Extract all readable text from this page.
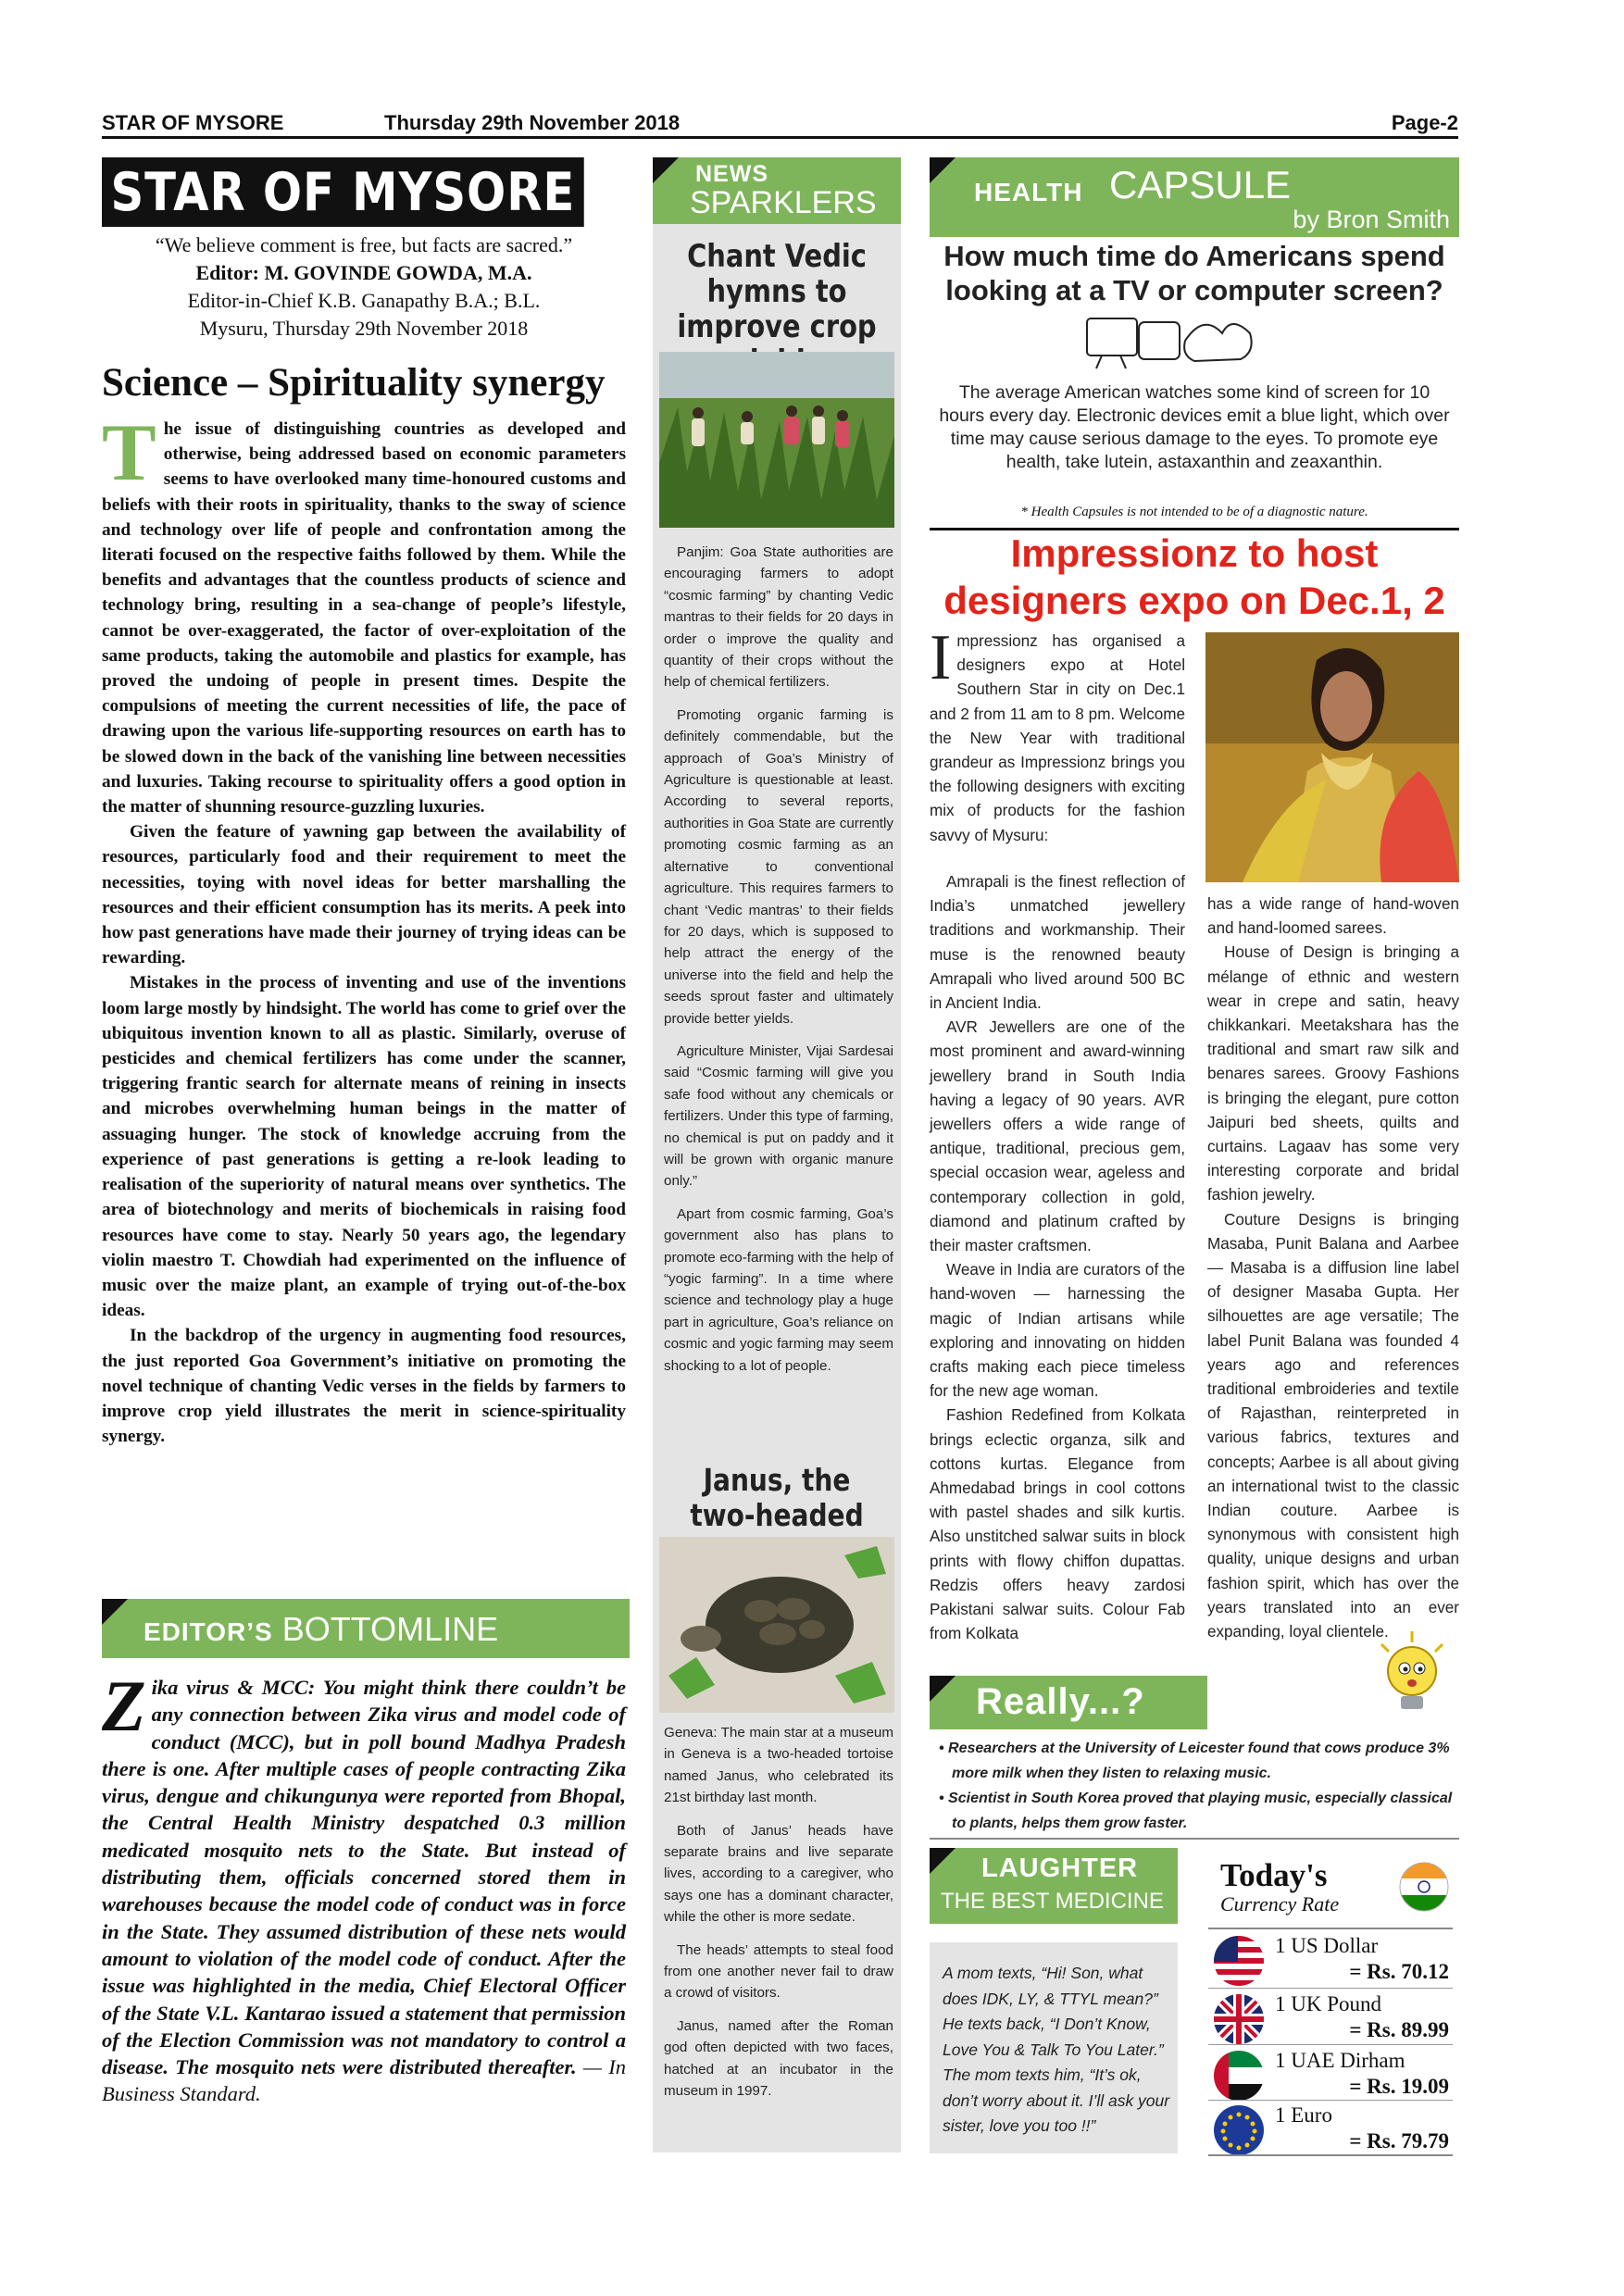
STAR OF MYSORE	Thursday 29th November 2018	Page-2
STAR OF MYSORE
“We believe comment is free, but facts are sacred.”
Editor: M. GOVINDE GOWDA, M.A.
Editor-in-Chief K.B. Ganapathy B.A.; B.L.
Mysuru, Thursday 29th November 2018
Science – Spirituality synergy

The issue of distinguishing countries as developed and otherwise, being addressed based on economic parameters seems to have overlooked many time-honoured customs and beliefs with their roots in spirituality, thanks to the sway of science and technology over life of people and confrontation among the literati focused on the respective faiths followed by them. While the benefits and advantages that the countless products of science and technology bring, resulting in a sea-change of people’s lifestyle, cannot be over-exaggerated, the factor of over-exploitation of the same products, taking the automobile and plastics for example, has proved the undoing of people in present times. Despite the compulsions of meeting the current necessities of life, the pace of drawing upon the various life-supporting resources on earth has to be slowed down in the back of the vanishing line between necessities and luxuries. Taking recourse to spirituality offers a good option in the matter of shunning resource-guzzling luxuries.

Given the feature of yawning gap between the availability of resources, particularly food and their requirement to meet the necessities, toying with novel ideas for better marshalling the resources and their efficient consumption has its merits. A peek into how past generations have made their journey of trying ideas can be rewarding.

Mistakes in the process of inventing and use of the inventions loom large mostly by hindsight. The world has come to grief over the ubiquitous invention known to all as plastic. Similarly, overuse of pesticides and chemical fertilizers has come under the scanner, triggering frantic search for alternate means of reining in insects and microbes overwhelming human beings in the matter of assuaging hunger. The stock of knowledge accruing from the experience of past generations is getting a re-look leading to realisation of the superiority of natural means over synthetics. The area of biotechnology and merits of biochemicals in raising food resources have come to stay. Nearly 50 years ago, the legendary violin maestro T. Chowdiah had experimented on the influence of music over the maize plant, an example of trying out-of-the-box ideas.

In the backdrop of the urgency in augmenting food resources, the just reported Goa Government’s initiative on promoting the novel technique of chanting Vedic verses in the fields by farmers to improve crop yield illustrates the merit in science-spirituality synergy.

EDITOR’S BOTTOMLINE
Zika virus & MCC: You might think there couldn’t be any connection between Zika virus and model code of conduct (MCC), but in poll bound Madhya Pradesh there is one. After multiple cases of people contracting Zika virus, dengue and chikungunya were reported from Bhopal, the Central Health Ministry despatched 0.3 million medicated mosquito nets to the State. But instead of distributing them, officials concerned stored them in warehouses because the model code of conduct was in force in the State. They assumed distribution of these nets would amount to violation of the model code of conduct. After the issue was highlighted in the media, Chief Electoral Officer of the State V.L. Kantarao issued a statement that permission of the Election Commission was not mandatory to control a disease. The mosquito nets were distributed thereafter. — In Business Standard.
NEWS
SPARKLERS
Chant Vedic hymns to improve crop

Panjim: Goa State authorities are encouraging farmers to adopt “cosmic farming” by chanting Vedic mantras to their fields for 20 days in order o improve the quality and quantity of their crops without the help of chemical fertilizers.

Promoting organic farming is definitely commendable, but the approach of Goa’s Ministry of Agriculture is questionable at least. According to several reports, authorities in Goa State are currently promoting cosmic farming as an alternative to conventional agriculture. This requires farmers to chant ‘Vedic mantras’ to their fields for 20 days, which is supposed to help attract the energy of the universe into the field and help the seeds sprout faster and ultimately provide better yields.

Agriculture Minister, Vijai Sardesai said “Cosmic farming will give you safe food without any chemicals or fertilizers. Under this type of farming, no chemical is put on paddy and it will be grown with organic manure only.”

Apart from cosmic farming, Goa’s government also has plans to promote eco-farming with the help of “yogic farming”. In a time where science and technology play a huge part in agriculture, Goa’s reliance on cosmic and yogic farming may seem shocking to a lot of people.

Janus, the two-headed

Geneva: The main star at a museum in Geneva is a two-headed tortoise named Janus, who celebrated its 21st birthday last month.

Both of Janus’ heads have separate brains and live separate lives, according to a caregiver, who says one has a dominant character, while the other is more sedate.

The heads’ attempts to steal food from one another never fail to draw a crowd of visitors.

Janus, named after the Roman god often depicted with two faces, hatched at an incubator in the museum in 1997.

HEALTH CAPSULE
by Bron Smith
How much time do Americans spend looking at a TV or computer screen?
The average American watches some kind of screen for 10 hours every day. Electronic devices emit a blue light, which over time may cause serious damage to the eyes. To promote eye health, take lutein, astaxanthin and zeaxanthin.
* Health Capsules is not intended to be of a diagnostic nature.
Impressionz to host designers expo on Dec.1, 2
Impressionz has organised a designers expo at Hotel Southern Star in city on Dec.1 and 2 from 11 am to 8 pm. Welcome the New Year with traditional grandeur as Impressionz brings you the following designers with exciting mix of products for the fashion savvy of Mysuru:

Amrapali is the finest reflection of India’s unmatched jewellery traditions and workmanship. Their muse is the renowned beauty Amrapali who lived around 500 BC in Ancient India.

AVR Jewellers are one of the most prominent and award-winning jewellery brand in South India having a legacy of 90 years. AVR jewellers offers a wide range of antique, traditional, precious gem, special occasion wear, ageless and contemporary collection in gold, diamond and platinum crafted by their master craftsmen.

Weave in India are curators of the hand-woven — harnessing the magic of Indian artisans while exploring and innovating on hidden crafts making each piece timeless for the new age woman.

Fashion Redefined from Kolkata brings eclectic organza, silk and cottons kurtas. Elegance from Ahmedabad brings in cool cottons with pastel shades and silk kurtis. Also unstitched salwar suits in block prints with flowy chiffon dupattas. Redzis offers heavy zardosi Pakistani salwar suits. Colour Fab from Kolkata

has a wide range of hand-woven and hand-loomed sarees.

House of Design is bringing a mélange of ethnic and western wear in crepe and satin, heavy chikkankari. Meetakshara has the traditional and smart raw silk and benares sarees. Groovy Fashions is bringing the elegant, pure cotton Jaipuri bed sheets, quilts and curtains. Lagaav has some very interesting corporate and bridal fashion jewelry.

Couture Designs is bringing Masaba, Punit Balana and Aarbee — Masaba is a diffusion line label of designer Masaba Gupta. Her silhouettes are age versatile; The label Punit Balana was founded 4 years ago and references traditional embroideries and textile of Rajasthan, reinterpreted in various fabrics, textures and concepts; Aarbee is all about giving an international twist to the classic Indian couture. Aarbee is synonymous with consistent high quality, unique designs and urban fashion spirit, which has over the years translated into an ever expanding, loyal clientele.

Really...?
• Researchers at the University of Leicester found that cows produce 3% more milk when they listen to relaxing music.
• Scientist in South Korea proved that playing music, especially classical to plants, helps them grow faster.
LAUGHTER
THE BEST MEDICINE
A mom texts, “Hi! Son, what does IDK, LY, & TTYL mean?” He texts back, “I Don’t Know, Love You & Talk To You Later.” The mom texts him, “It’s ok, don’t worry about it. I’ll ask your sister, love you too !!”
Today's
Currency Rate
1 US Dollar
= Rs. 70.12
1 UK Pound
= Rs. 89.99
1 UAE Dirham
= Rs. 19.09
1 Euro
= Rs. 79.79
